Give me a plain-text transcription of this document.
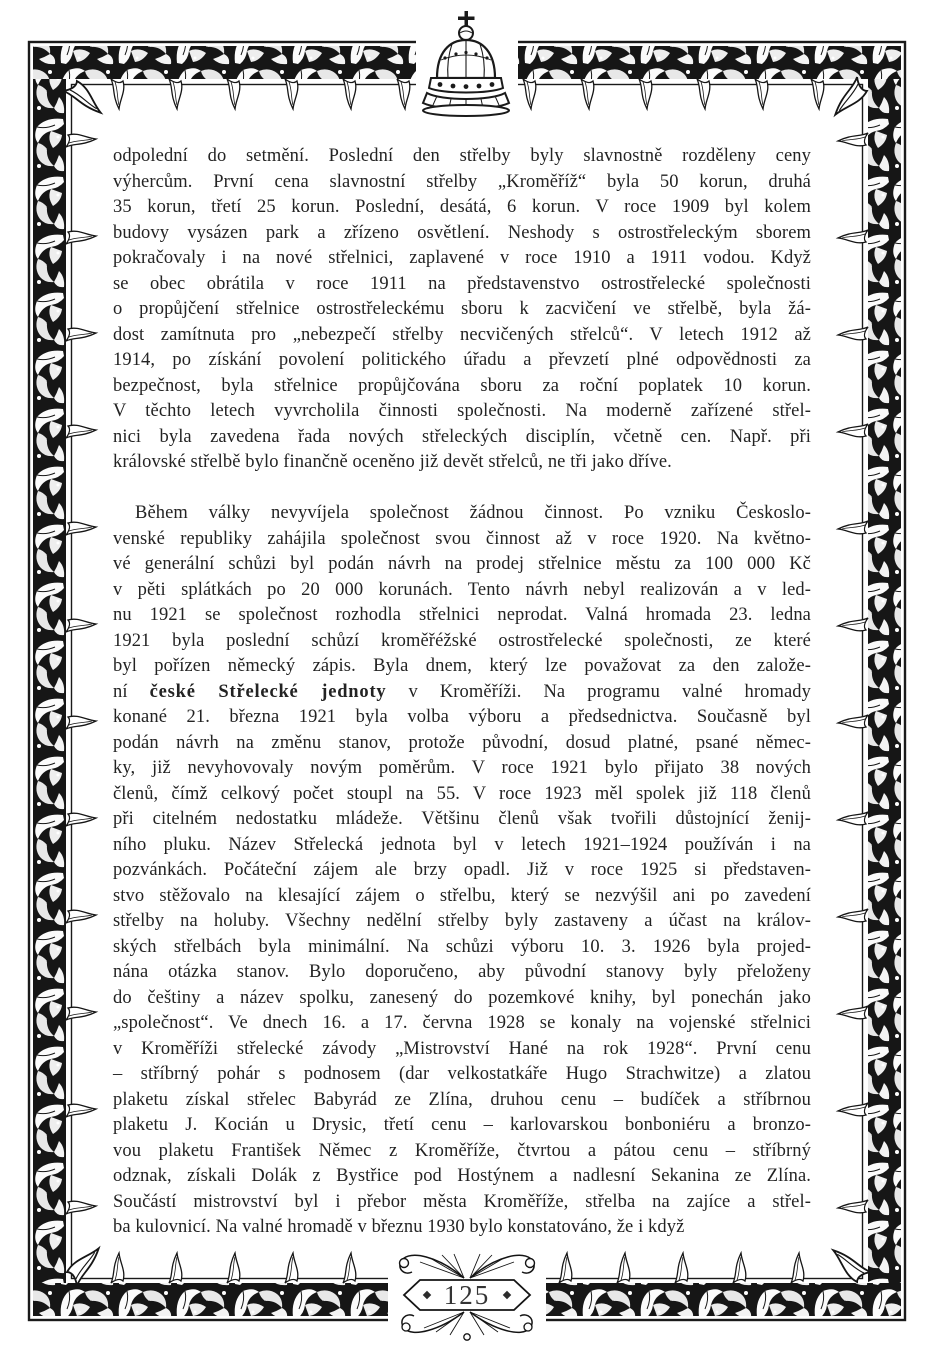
125
odpolední do setmění. Poslední den střelby byly slavnostně rozděleny ceny
výhercům. První cena slavnostní střelby „Kroměříž“ byla 50 korun, druhá
35 korun, třetí 25 korun. Poslední, desátá, 6 korun. V roce 1909 byl kolem
budovy vysázen park a zřízeno osvětlení. Neshody s ostrostřeleckým sborem
pokračovaly i na nové střelnici, zaplavené v roce 1910 a 1911 vodou. Když
se obec obrátila v roce 1911 na představenstvo ostrostřelecké společnosti
o propůjčení střelnice ostrostřeleckému sboru k zacvičení ve střelbě, byla žá-
dost zamítnuta pro „nebezpečí střelby necvičených střelců“. V letech 1912 až
1914, po získání povolení politického úřadu a převzetí plné odpovědnosti za
bezpečnost, byla střelnice propůjčována sboru za roční poplatek 10 korun.
V těchto letech vyvrcholila činnosti společnosti. Na moderně zařízené střel-
nici byla zavedena řada nových střeleckých disciplín, včetně cen. Např. při
královské střelbě bylo finančně oceněno již devět střelců, ne tři jako dříve.
Během války nevyvíjela společnost žádnou činnost. Po vzniku Českoslo-
venské republiky zahájila společnost svou činnost až v roce 1920. Na květno-
vé generální schůzi byl podán návrh na prodej střelnice městu za 100 000 Kč
v pěti splátkách po 20 000 korunách. Tento návrh nebyl realizován a v led-
nu 1921 se společnost rozhodla střelnici neprodat. Valná hromada 23. ledna
1921 byla poslední schůzí kroměřéžské ostrostřelecké společnosti, ze které
byl pořízen německý zápis. Byla dnem, který lze považovat za den založe-
ní české Střelecké jednoty v Kroměříži. Na programu valné hromady
konané 21. března 1921 byla volba výboru a předsednictva. Současně byl
podán návrh na změnu stanov, protože původní, dosud platné, psané němec-
ky, již nevyhovovaly novým poměrům. V roce 1921 bylo přijato 38 nových
členů, čímž celkový počet stoupl na 55. V roce 1923 měl spolek již 118 členů
při citelném nedostatku mládeže. Většinu členů však tvořili důstojnící ženij-
ního pluku. Název Střelecká jednota byl v letech 1921–1924 používán i na
pozvánkách. Počáteční zájem ale brzy opadl. Již v roce 1925 si představen-
stvo stěžovalo na klesající zájem o střelbu, který se nezvýšil ani po zavedení
střelby na holuby. Všechny nedělní střelby byly zastaveny a účast na králov-
ských střelbách byla minimální. Na schůzi výboru 10. 3. 1926 byla projed-
nána otázka stanov. Bylo doporučeno, aby původní stanovy byly přeloženy
do češtiny a název spolku, zanesený do pozemkové knihy, byl ponechán jako
„společnost“. Ve dnech 16. a 17. června 1928 se konaly na vojenské střelnici
v Kroměříži střelecké závody „Mistrovství Hané na rok 1928“. První cenu
– stříbrný pohár s podnosem (dar velkostatkáře Hugo Strachwitze) a zlatou
plaketu získal střelec Babyrád ze Zlína, druhou cenu – budíček a stříbrnou
plaketu J. Kocián u Drysic, třetí cenu – karlovarskou bonboniéru a bronzo-
vou plaketu František Němec z Kroměříže, čtvrtou a pátou cenu – stříbrný
odznak, získali Dolák z Bystřice pod Hostýnem a nadlesní Sekanina ze Zlína.
Součástí mistrovství byl i přebor města Kroměříže, střelba na zajíce a střel-
ba kulovnicí. Na valné hromadě v březnu 1930 bylo konstatováno, že i když
